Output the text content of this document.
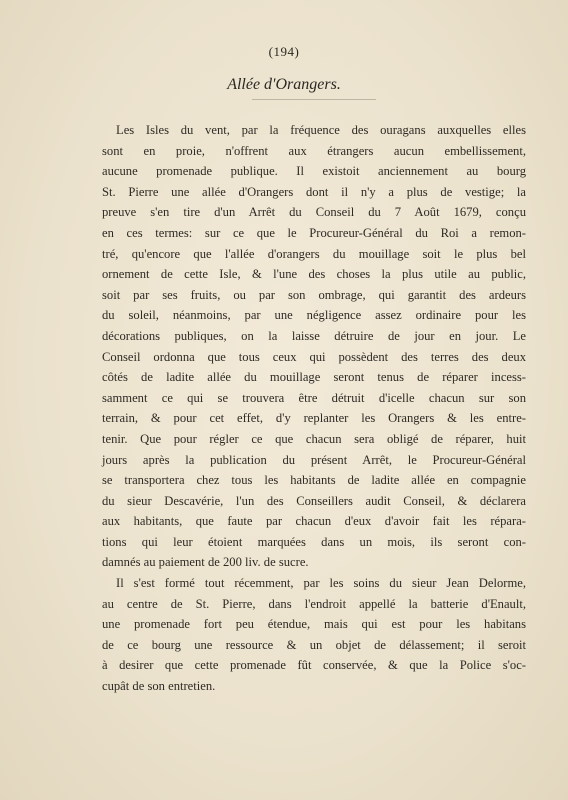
(194)
Allée d'Orangers.
Les Isles du vent, par la fréquence des ouragans auxquelles elles
sont en proie, n'offrent aux étrangers aucun embellissement,
aucune promenade publique. Il existoit anciennement au bourg
St. Pierre une allée d'Orangers dont il n'y a plus de vestige; la
preuve s'en tire d'un Arrêt du Conseil du 7 Août 1679, conçu
en ces termes: sur ce que le Procureur-Général du Roi a remon-
tré, qu'encore que l'allée d'orangers du mouillage soit le plus bel
ornement de cette Isle, & l'une des choses la plus utile au public,
soit par ses fruits, ou par son ombrage, qui garantit des ardeurs
du soleil, néanmoins, par une négligence assez ordinaire pour les
décorations publiques, on la laisse détruire de jour en jour. Le
Conseil ordonna que tous ceux qui possèdent des terres des deux
côtés de ladite allée du mouillage seront tenus de réparer incess-
samment ce qui se trouvera être détruit d'icelle chacun sur son
terrain, & pour cet effet, d'y replanter les Orangers & les entre-
tenir. Que pour régler ce que chacun sera obligé de réparer, huit
jours après la publication du présent Arrêt, le Procureur-Général
se transportera chez tous les habitants de ladite allée en compagnie
du sieur Descavérie, l'un des Conseillers audit Conseil, & déclarera
aux habitants, que faute par chacun d'eux d'avoir fait les répara-
tions qui leur étoient marquées dans un mois, ils seront con-
damnés au paiement de 200 liv. de sucre.
Il s'est formé tout récemment, par les soins du sieur Jean Delorme,
au centre de St. Pierre, dans l'endroit appellé la batterie d'Enault,
une promenade fort peu étendue, mais qui est pour les habitans
de ce bourg une ressource & un objet de délassement; il seroit
à desirer que cette promenade fût conservée, & que la Police s'oc-
cupât de son entretien.
